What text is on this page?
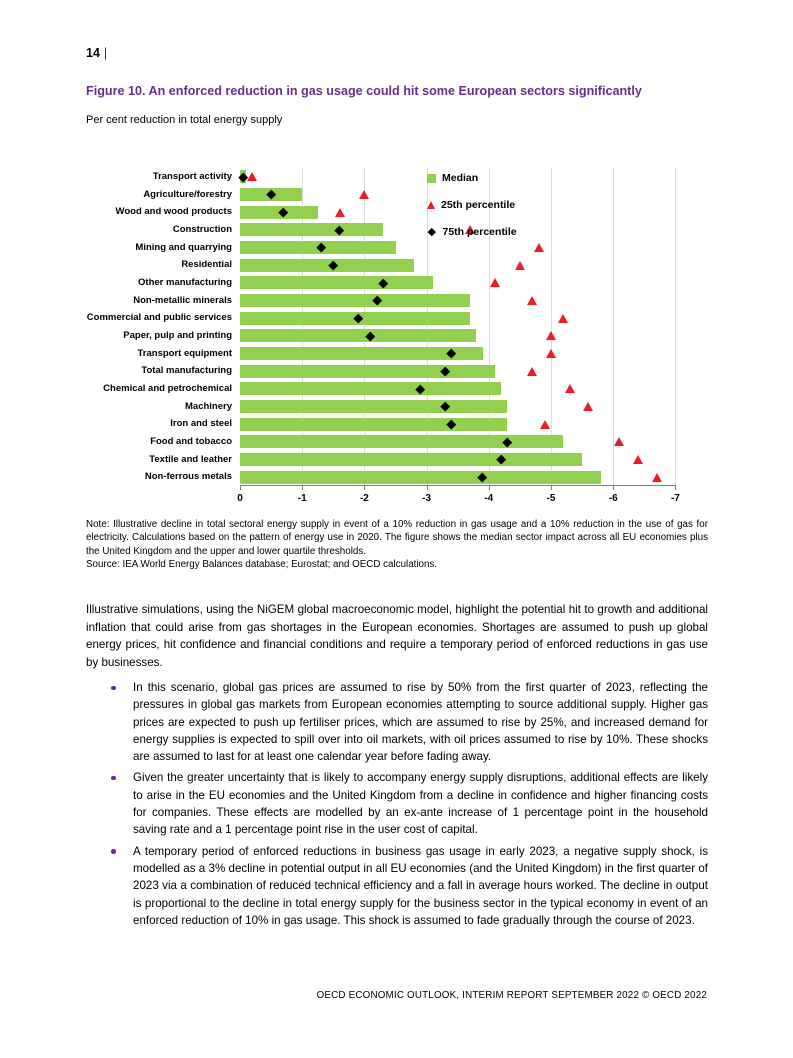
14 |
Figure 10. An enforced reduction in gas usage could hit some European sectors significantly
Per cent reduction in total energy supply
Transport activity
Agriculture/forestry
Wood and wood products
Construction
Mining and quarrying
Residential
Other manufacturing
Non-metallic minerals
Commercial and public services
Paper, pulp and printing
Transport equipment
Total manufacturing
Chemical and petrochemical
Machinery
Iron and steel
Food and tobacco
Textile and leather
Non-ferrous metals
0	-1	-2	-3	-4	-5	-6	-7
Median
25th percentile
75th percentile
Note: Illustrative decline in total sectoral energy supply in event of a 10% reduction in gas usage and a 10% reduction in the use of gas for electricity. Calculations based on the pattern of energy use in 2020. The figure shows the median sector impact across all EU economies plus the United Kingdom and the upper and lower quartile thresholds.
Source: IEA World Energy Balances database; Eurostat; and OECD calculations.

Illustrative simulations, using the NiGEM global macroeconomic model, highlight the potential hit to growth and additional inflation that could arise from gas shortages in the European economies. Shortages are assumed to push up global energy prices, hit confidence and financial conditions and require a temporary period of enforced reductions in gas use by businesses.

In this scenario, global gas prices are assumed to rise by 50% from the first quarter of 2023, reflecting the pressures in global gas markets from European economies attempting to source additional supply. Higher gas prices are expected to push up fertiliser prices, which are assumed to rise by 25%, and increased demand for energy supplies is expected to spill over into oil markets, with oil prices assumed to rise by 10%. These shocks are assumed to last for at least one calendar year before fading away.
Given the greater uncertainty that is likely to accompany energy supply disruptions, additional effects are likely to arise in the EU economies and the United Kingdom from a decline in confidence and higher financing costs for companies. These effects are modelled by an ex-ante increase of 1 percentage point in the household saving rate and a 1 percentage point rise in the user cost of capital.
A temporary period of enforced reductions in business gas usage in early 2023, a negative supply shock, is modelled as a 3% decline in potential output in all EU economies (and the United Kingdom) in the first quarter of 2023 via a combination of reduced technical efficiency and a fall in average hours worked. The decline in output is proportional to the decline in total energy supply for the business sector in the typical economy in event of an enforced reduction of 10% in gas usage. This shock is assumed to fade gradually through the course of 2023.
OECD ECONOMIC OUTLOOK, INTERIM REPORT SEPTEMBER 2022 © OECD 2022
